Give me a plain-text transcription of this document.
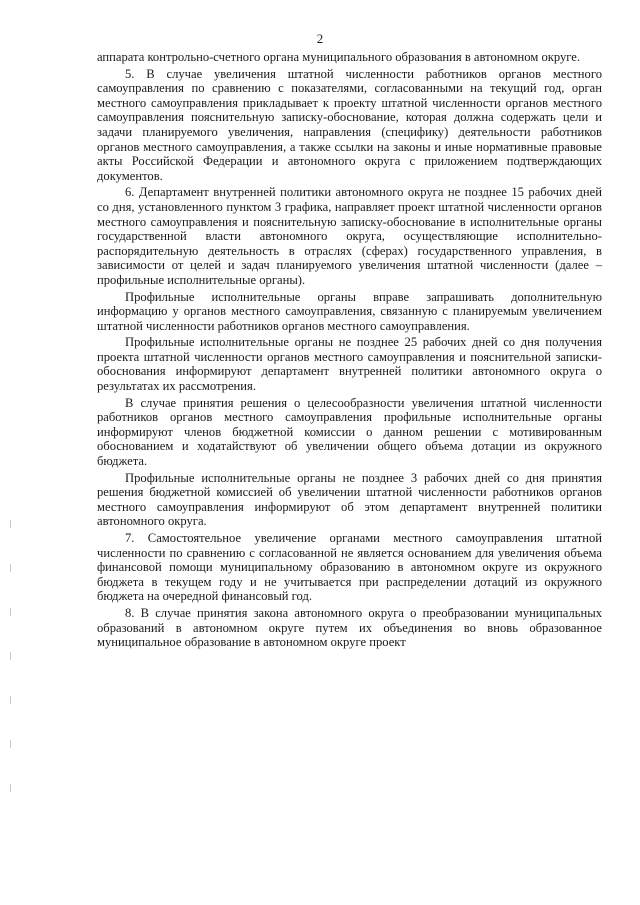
2

аппарата контрольно-счетного органа муниципального образования в автономном округе.

5. В случае увеличения штатной численности работников органов местного самоуправления по сравнению с показателями, согласованными на текущий год, орган местного самоуправления прикладывает к проекту штатной численности органов местного самоуправления пояснительную записку-обоснование, которая должна содержать цели и задачи планируемого увеличения, направления (специфику) деятельности работников органов местного самоуправления, а также ссылки на законы и иные нормативные правовые акты Российской Федерации и автономного округа с приложением подтверждающих документов.

6. Департамент внутренней политики автономного округа не позднее 15 рабочих дней со дня, установленного пунктом 3 графика, направляет проект штатной численности органов местного самоуправления и пояснительную записку-обоснование в исполнительные органы государственной власти автономного округа, осуществляющие исполнительно-распорядительную деятельность в отраслях (сферах) государственного управления, в зависимости от целей и задач планируемого увеличения штатной численности (далее – профильные исполнительные органы).

Профильные исполнительные органы вправе запрашивать дополнительную информацию у органов местного самоуправления, связанную с планируемым увеличением штатной численности работников органов местного самоуправления.

Профильные исполнительные органы не позднее 25 рабочих дней со дня получения проекта штатной численности органов местного самоуправления и пояснительной записки-обоснования информируют департамент внутренней политики автономного округа о результатах их рассмотрения.

В случае принятия решения о целесообразности увеличения штатной численности работников органов местного самоуправления профильные исполнительные органы информируют членов бюджетной комиссии о данном решении с мотивированным обоснованием и ходатайствуют об увеличении общего объема дотации из окружного бюджета.

Профильные исполнительные органы не позднее 3 рабочих дней со дня принятия решения бюджетной комиссией об увеличении штатной численности работников органов местного самоуправления информируют об этом департамент внутренней политики автономного округа.

7. Самостоятельное увеличение органами местного самоуправления штатной численности по сравнению с согласованной не является основанием для увеличения объема финансовой помощи муниципальному образованию в автономном округе из окружного бюджета в текущем году и не учитывается при распределении дотаций из окружного бюджета на очередной финансовый год.

8. В случае принятия закона автономного округа о преобразовании муниципальных образований в автономном округе путем их объединения во вновь образованное муниципальное образование в автономном округе проект
